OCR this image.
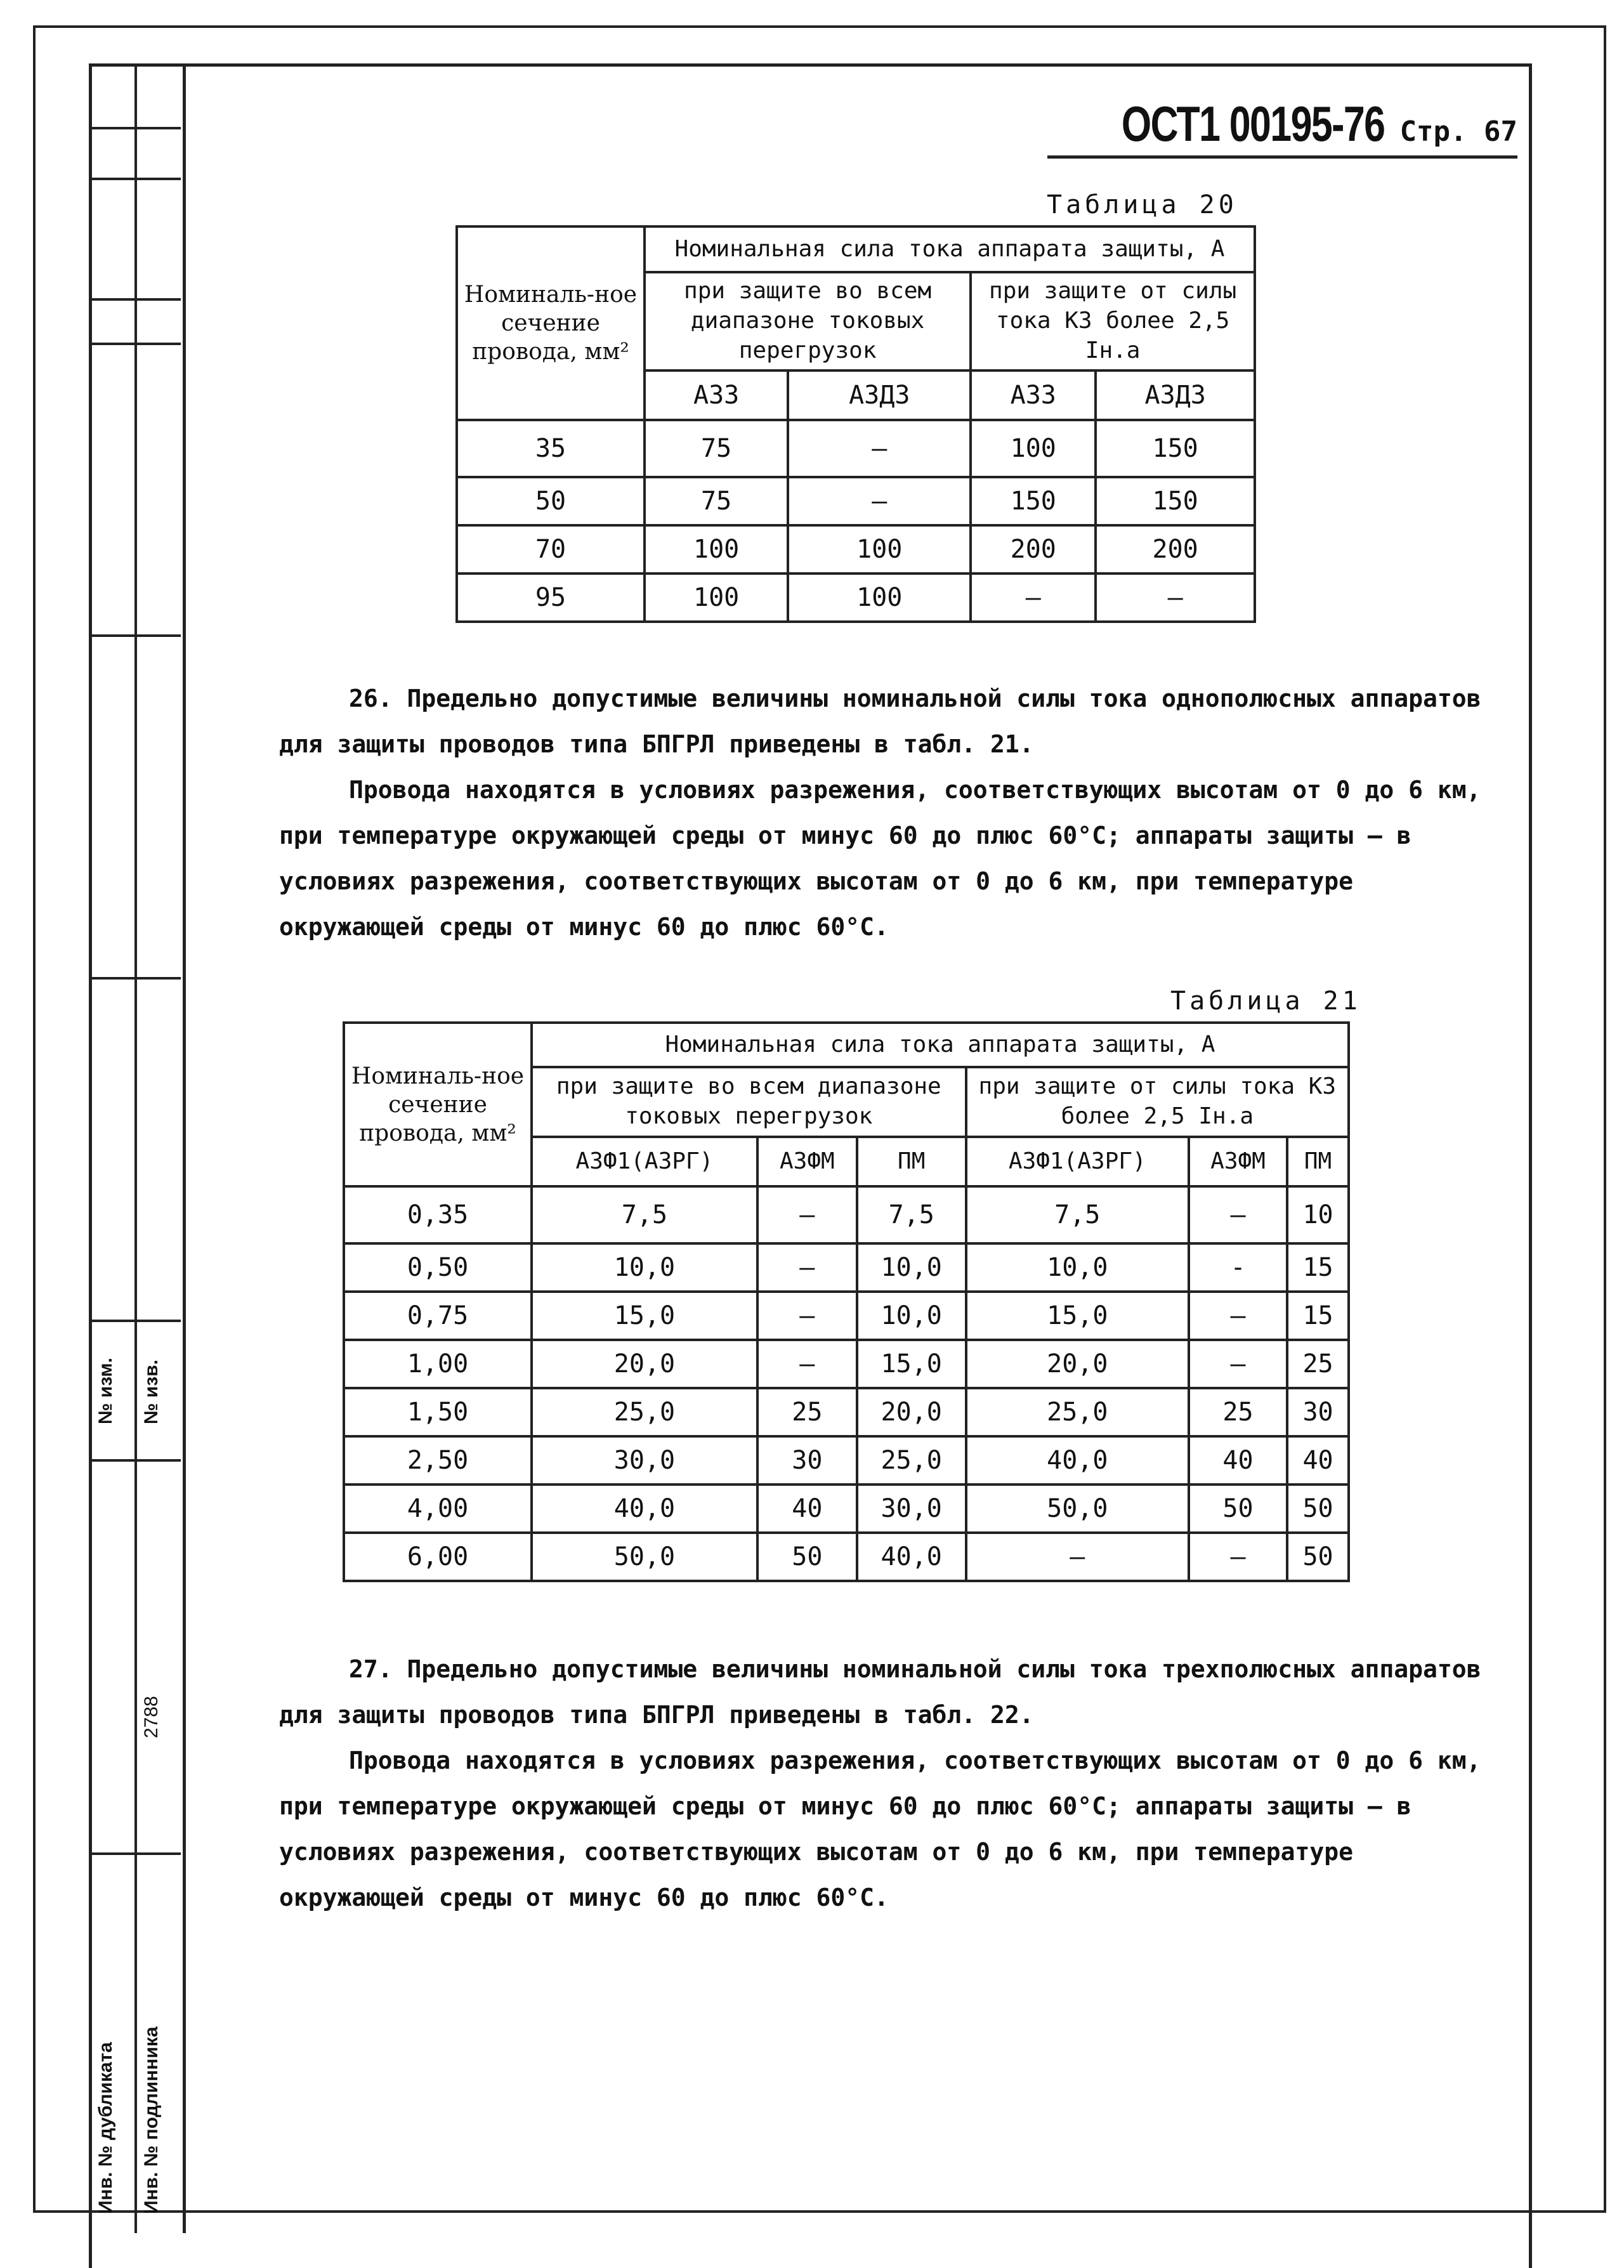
№ изм. № изв.
2788
Инв. № дубликата Инв. № подлинника
ОСТ1 00195-76 Стр. 67
Таблица 20
Номиналь-ное сечение провода, мм²	Номинальная сила тока аппарата защиты, А			
	при защите во всем диапазоне токовых перегрузок		при защите от силы тока К3 более 2,5 Iн.а	
	АЗЗ	АЗДЗ	АЗЗ	АЗДЗ
35	75	–	100	150
50	75	–	150	150
70	100	100	200	200
95	100	100	–	–

26. Предельно допустимые величины номинальной силы тока однополюсных аппаратов для защиты проводов типа БПГРЛ приведены в табл. 21.

Провода находятся в условиях разрежения, соответствующих высотам от 0 до 6 км, при температуре окружающей среды от минус 60 до плюс 60°С; аппараты защиты – в условиях разрежения, соответствующих высотам от 0 до 6 км, при температуре окружающей среды от минус 60 до плюс 60°С.

Таблица 21
Номиналь-ное сечение провода, мм²	Номинальная сила тока аппарата защиты, А					
	при защите во всем диапазоне токовых перегрузок			при защите от силы тока К3 более 2,5 Iн.а		
	АЗФ1(АЗРГ)	АЗФМ	ПМ	АЗФ1(АЗРГ)	АЗФМ	ПМ
0,35	7,5	–	7,5	7,5	–	10
0,50	10,0	–	10,0	10,0	-	15
0,75	15,0	–	10,0	15,0	–	15
1,00	20,0	–	15,0	20,0	–	25
1,50	25,0	25	20,0	25,0	25	30
2,50	30,0	30	25,0	40,0	40	40
4,00	40,0	40	30,0	50,0	50	50
6,00	50,0	50	40,0	–	–	50

27. Предельно допустимые величины номинальной силы тока трехполюсных аппаратов для защиты проводов типа БПГРЛ приведены в табл. 22.

Провода находятся в условиях разрежения, соответствующих высотам от 0 до 6 км, при температуре окружающей среды от минус 60 до плюс 60°С; аппараты защиты – в условиях разрежения, соответствующих высотам от 0 до 6 км, при температуре окружающей среды от минус 60 до плюс 60°С.
